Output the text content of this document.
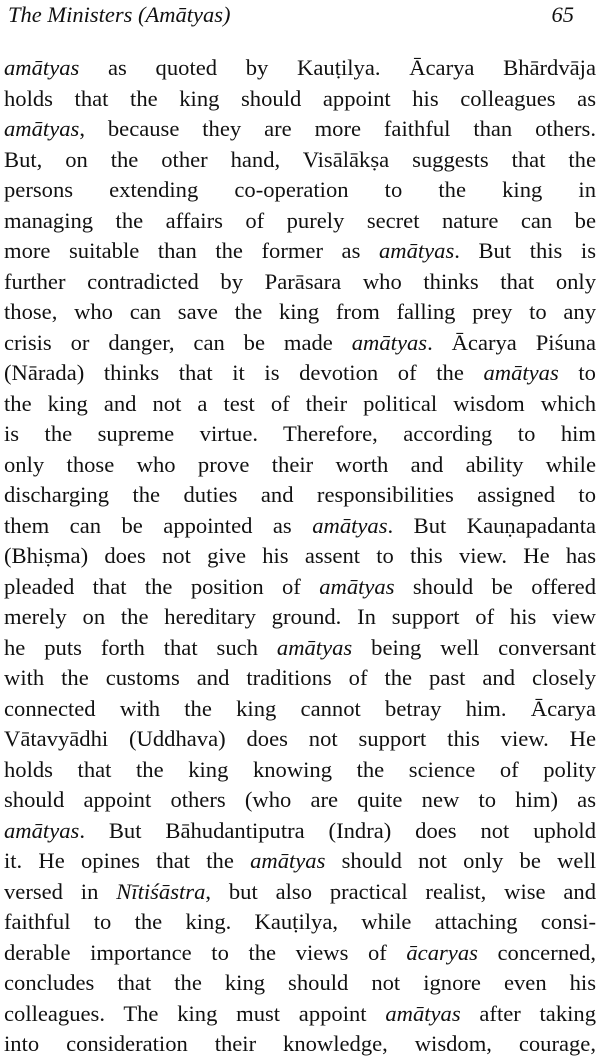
The Ministers (Amātyas)	65
amātyas as quoted by Kauṭilya. Ācarya Bhārdvāja
holds that the king should appoint his colleagues as
amātyas, because they are more faithful than others.
But, on the other hand, Visālākṣa suggests that the
persons extending co-operation to the king in
managing the affairs of purely secret nature can be
more suitable than the former as amātyas. But this is
further contradicted by Parāsara who thinks that only
those, who can save the king from falling prey to any
crisis or danger, can be made amātyas. Ācarya Piśuna
(Nārada) thinks that it is devotion of the amātyas to
the king and not a test of their political wisdom which
is the supreme virtue. Therefore, according to him
only those who prove their worth and ability while
discharging the duties and responsibilities assigned to
them can be appointed as amātyas. But Kauṇapadanta
(Bhiṣma) does not give his assent to this view. He has
pleaded that the position of amātyas should be offered
merely on the hereditary ground. In support of his view
he puts forth that such amātyas being well conversant
with the customs and traditions of the past and closely
connected with the king cannot betray him. Ācarya
Vātavyādhi (Uddhava) does not support this view. He
holds that the king knowing the science of polity
should appoint others (who are quite new to him) as
amātyas. But Bāhudantiputra (Indra) does not uphold
it. He opines that the amātyas should not only be well
versed in Nītiśāstra, but also practical realist, wise and
faithful to the king. Kauṭilya, while attaching consi-
derable importance to the views of ācaryas concerned,
concludes that the king should not ignore even his
colleagues. The king must appoint amātyas after taking
into consideration their knowledge, wisdom, courage,
